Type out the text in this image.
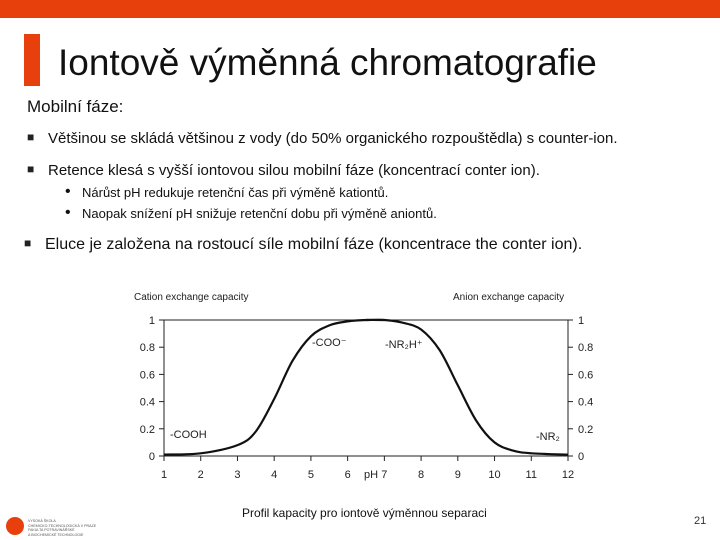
Iontově výměnná chromatografie
Mobilní fáze:
■ Většinou se skládá většinou z vody (do 50% organického rozpouštědla) s counter-ion.
■ Retence klesá s vyšší iontovou silou mobilní fáze (koncentrací conter ion).
• Nárůst pH redukuje retenční čas při výměně kationtů.
• Naopak snížení pH snižuje retenční dobu při výměně aniontů.
■ Eluce je založena na rostoucí síle mobilní fáze (koncentrace the conter ion).
Cation exchange capacity	Anion exchange capacity
0
0.2
0.4
0.6
0.8
1
0
0.2
0.4
0.6
0.8
1
1	2	3	4	5	6	7	8	9	10 11 12
pH
-COO⁻
-COOH
-NR₂H⁺
-NR₂
Profil kapacity pro iontově výměnnou separaci
VYSOKÁ ŠKOLA
CHEMICKO-TECHNOLOGICKÁ V PRAZE
FAKULTA POTRAVINÁŘSKÉ
A BIOCHEMICKÉ TECHNOLOGIE
21
